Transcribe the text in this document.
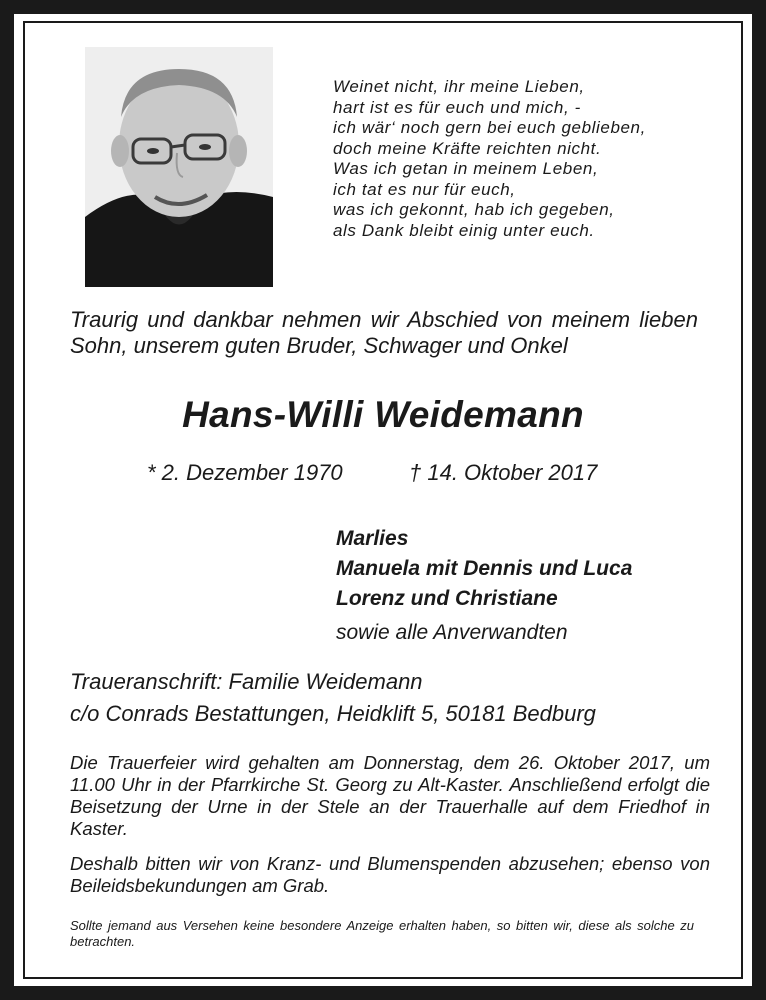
Weinet nicht, ihr meine Lieben,
hart ist es für euch und mich, -
ich wär‘ noch gern bei euch geblieben,
doch meine Kräfte reichten nicht.
Was ich getan in meinem Leben,
ich tat es nur für euch,
was ich gekonnt, hab ich gegeben,
als Dank bleibt einig unter euch.

Traurig und dankbar nehmen wir Abschied von meinem lieben Sohn, unserem guten Bruder, Schwager und Onkel

Hans-Willi Weidemann
* 2. Dezember 1970	† 14. Oktober 2017
Marlies
Manuela mit Dennis und Luca
Lorenz und Christiane
sowie alle Anverwandten
Traueranschrift: Familie Weidemann
c/o Conrads Bestattungen, Heidklift 5, 50181 Bedburg

Die Trauerfeier wird gehalten am Donnerstag, dem 26. Oktober 2017, um 11.00 Uhr in der Pfarrkirche St. Georg zu Alt-Kaster. Anschließend erfolgt die Beisetzung der Urne in der Stele an der Trauerhalle auf dem Friedhof in Kaster.

Deshalb bitten wir von Kranz- und Blumenspenden abzusehen; ebenso von Beileidsbekundungen am Grab.

Sollte jemand aus Versehen keine besondere Anzeige erhalten haben, so bitten wir, diese als solche zu betrachten.
